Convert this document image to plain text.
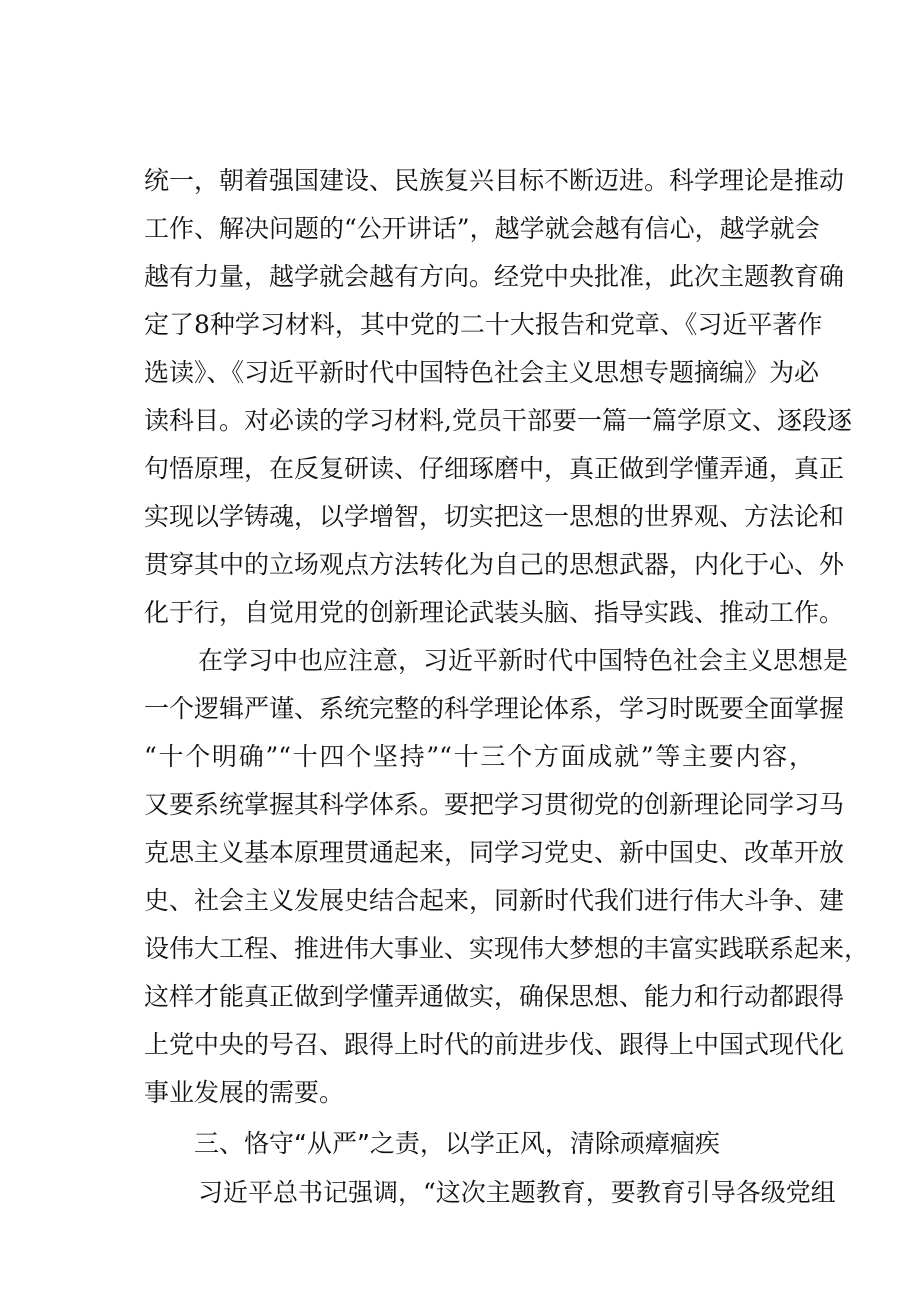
统一，朝着强国建设、民族复兴目标不断迈进。科学理论是推动
工作、解决问题的“公开讲话”，越学就会越有信心，越学就会
越有力量，越学就会越有方向。经党中央批准，此次主题教育确
定了8种学习材料，其中党的二十大报告和党章、《习近平著作
选读》、《习近平新时代中国特色社会主义思想专题摘编》为必
读科目。对必读的学习材料,党员干部要一篇一篇学原文、逐段逐
句悟原理，在反复研读、仔细琢磨中，真正做到学懂弄通，真正
实现以学铸魂，以学增智，切实把这一思想的世界观、方法论和
贯穿其中的立场观点方法转化为自己的思想武器，内化于心、外
化于行，自觉用党的创新理论武装头脑、指导实践、推动工作。
在学习中也应注意，习近平新时代中国特色社会主义思想是
一个逻辑严谨、系统完整的科学理论体系，学习时既要全面掌握
“十个明确”“十四个坚持”“十三个方面成就”等主要内容，
又要系统掌握其科学体系。要把学习贯彻党的创新理论同学习马
克思主义基本原理贯通起来，同学习党史、新中国史、改革开放
史、社会主义发展史结合起来，同新时代我们进行伟大斗争、建
设伟大工程、推进伟大事业、实现伟大梦想的丰富实践联系起来，
这样才能真正做到学懂弄通做实，确保思想、能力和行动都跟得
上党中央的号召、跟得上时代的前进步伐、跟得上中国式现代化
事业发展的需要。
三、恪守“从严”之责，以学正风，清除顽瘴痼疾
习近平总书记强调，“这次主题教育，要教育引导各级党组
